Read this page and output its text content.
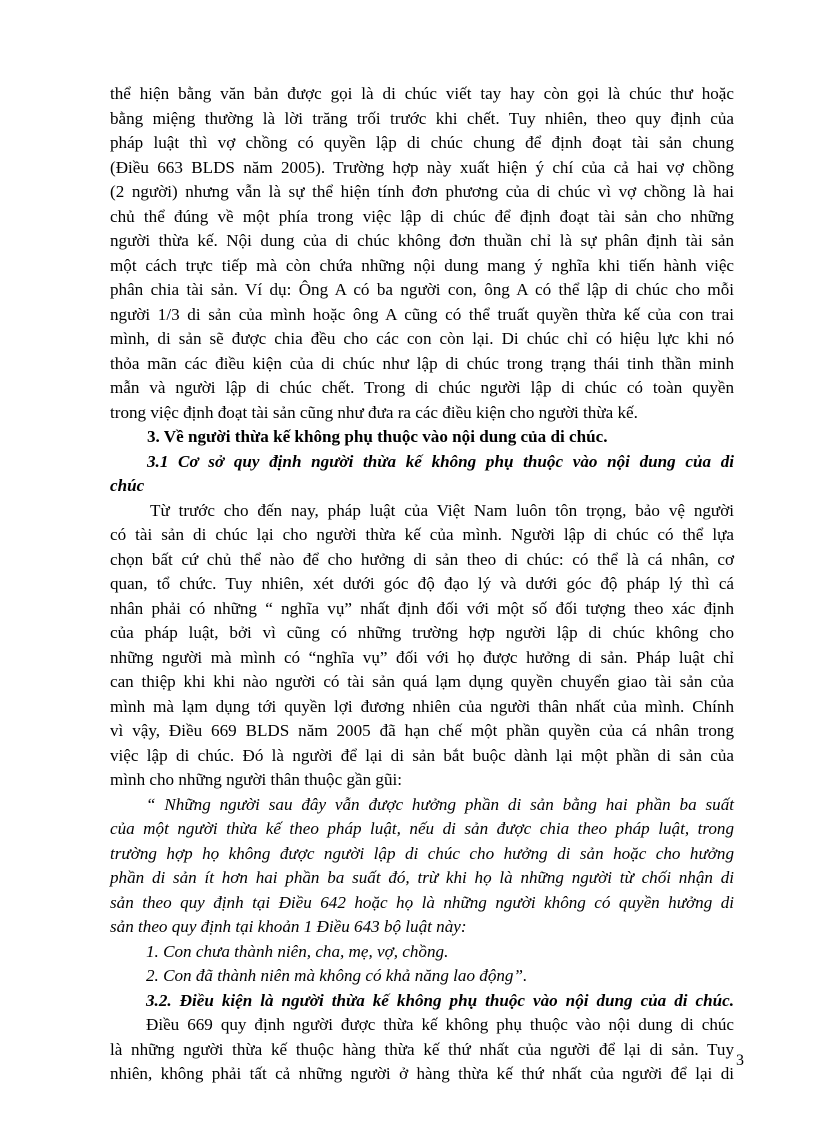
thể hiện bằng văn bản được gọi là di chúc viết tay hay còn gọi là chúc thư hoặc
bằng miệng thường là lời trăng trối trước khi chết. Tuy nhiên, theo quy định của
pháp luật thì vợ chồng có quyền lập di chúc chung để định đoạt tài sản chung
(Điều 663 BLDS năm 2005). Trường hợp này xuất hiện ý chí của cả hai vợ chồng
(2 người) nhưng vẫn là sự thể hiện tính đơn phương của di chúc vì vợ chồng là hai
chủ thể đúng về một phía trong việc lập di chúc để định đoạt tài sản cho những
người thừa kế. Nội dung của di chúc không đơn thuần chỉ là sự phân định tài sản
một cách trực tiếp mà còn chứa những nội dung mang ý nghĩa khi tiến hành việc
phân chia tài sản. Ví dụ: Ông A có ba người con, ông A có thể lập di chúc cho mỗi
người 1/3 di sản của mình hoặc ông A cũng có thể truất quyền thừa kế của con trai
mình, di sản sẽ được chia đều cho các con còn lại. Di chúc chỉ có hiệu lực khi nó
thỏa mãn các điều kiện của di chúc như lập di chúc trong trạng thái tinh thần minh
mẫn và người lập di chúc chết. Trong di chúc người lập di chúc có toàn quyền
trong việc định đoạt tài sản cũng như đưa ra các điều kiện cho người thừa kế.
3. Về người thừa kế không phụ thuộc vào nội dung của di chúc.
3.1 Cơ sở quy định người thừa kế không phụ thuộc vào nội dung của di
chúc
Từ trước cho đến nay, pháp luật của Việt Nam luôn tôn trọng, bảo vệ người
có tài sản di chúc lại cho người thừa kế của mình. Người lập di chúc có thể lựa
chọn bất cứ chủ thể nào để cho hưởng di sản theo di chúc: có thể là cá nhân, cơ
quan, tổ chức. Tuy nhiên, xét dưới góc độ đạo lý và dưới góc độ pháp lý thì cá
nhân phải có những “ nghĩa vụ” nhất định đối với một số đối tượng theo xác định
của pháp luật, bởi vì cũng có những trường hợp người lập di chúc không cho
những người mà mình có “nghĩa vụ” đối với họ được hưởng di sản. Pháp luật chỉ
can thiệp khi khi nào người có tài sản quá lạm dụng quyền chuyển giao tài sản của
mình mà lạm dụng tới quyền lợi đương nhiên của người thân nhất của mình. Chính
vì vậy, Điều 669 BLDS năm 2005 đã hạn chế một phần quyền của cá nhân trong
việc lập di chúc. Đó là người để lại di sản bắt buộc dành lại một phần di sản của
mình cho những người thân thuộc gần gũi:
“ Những người sau đây vẫn được hưởng phần di sản bằng hai phần ba suất
của một người thừa kế theo pháp luật, nếu di sản được chia theo pháp luật, trong
trường hợp họ không được người lập di chúc cho hưởng di sản hoặc cho hưởng
phần di sản ít hơn hai phần ba suất đó, trừ khi họ là những người từ chối nhận di
sản theo quy định tại Điều 642 hoặc họ là những người không có quyền hưởng di
sản theo quy định tại khoản 1 Điều 643 bộ luật này:
1. Con chưa thành niên, cha, mẹ, vợ, chồng.
2. Con đã thành niên mà không có khả năng lao động”.
3.2. Điều kiện là người thừa kế không phụ thuộc vào nội dung của di chúc.
Điều 669 quy định người được thừa kế không phụ thuộc vào nội dung di chúc
là những người thừa kế thuộc hàng thừa kế thứ nhất của người để lại di sản. Tuy
nhiên, không phải tất cả những người ở hàng thừa kế thứ nhất của người để lại di
3
